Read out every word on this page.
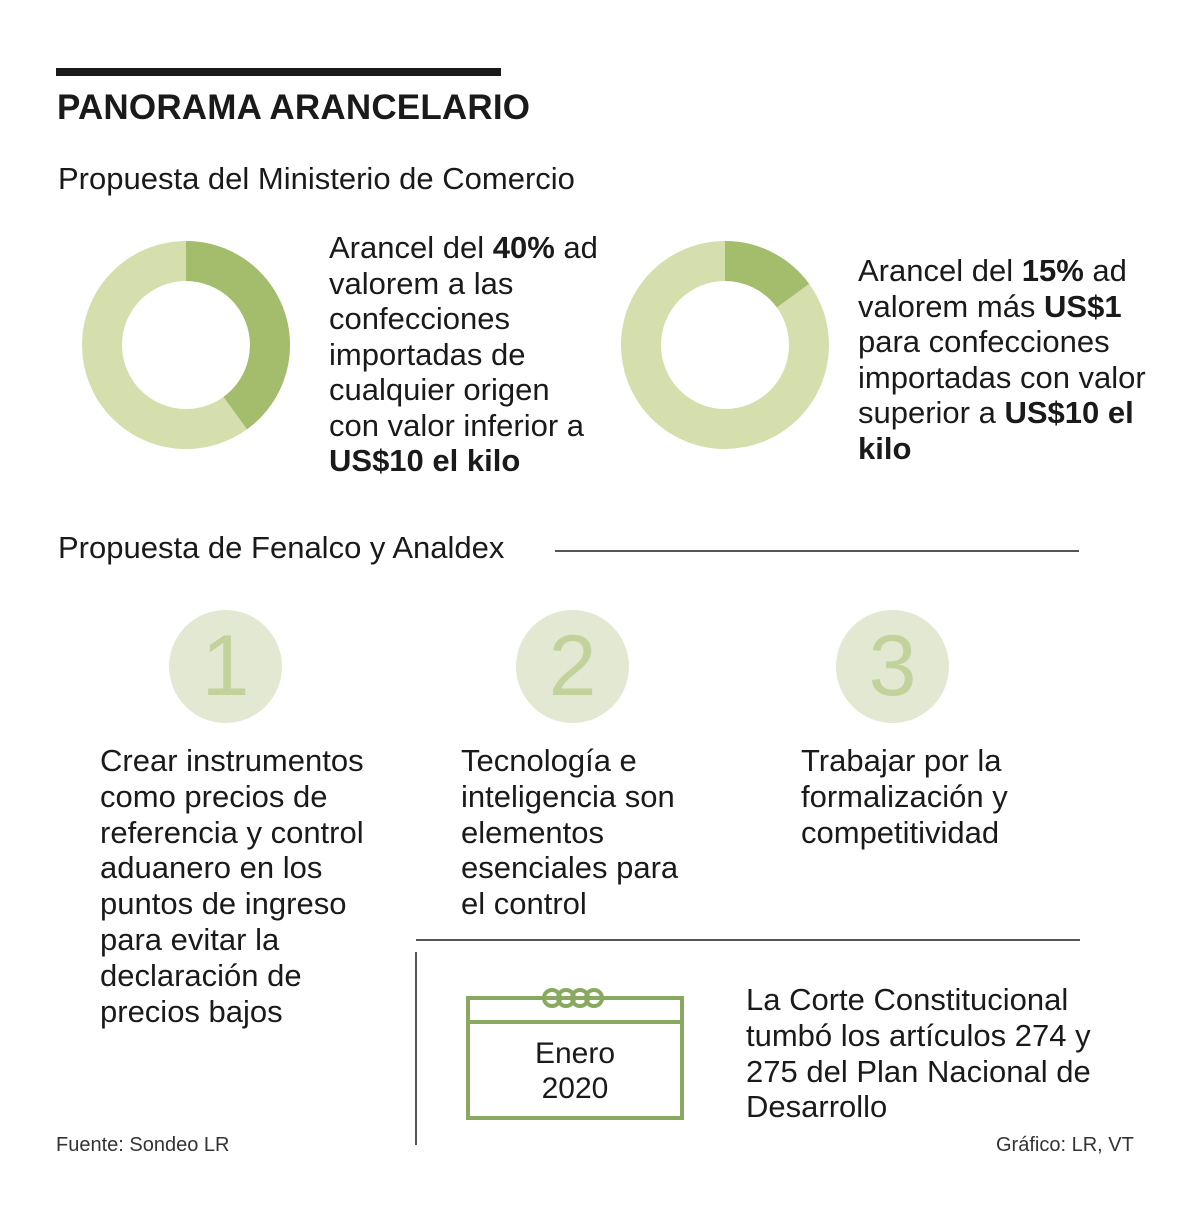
PANORAMA ARANCELARIO
Propuesta del Ministerio de Comercio
Arancel del 40% ad valorem a las confecciones importadas de cualquier origen con valor inferior a US$10 el kilo
Arancel del 15% ad valorem más US$1 para confecciones importadas con valor superior a US$10 el kilo
Propuesta de Fenalco y Analdex
1	2	3
Crear instrumentos como precios de referencia y control aduanero en los puntos de ingreso para evitar la declaración de precios bajos
Tecnología e inteligencia son elementos esenciales para el control
Trabajar por la formalización y competitividad
Enero
2020
La Corte Constitucional tumbó los artículos 274 y 275 del Plan Nacional de Desarrollo
Fuente: Sondeo LR	Gráfico: LR, VT
